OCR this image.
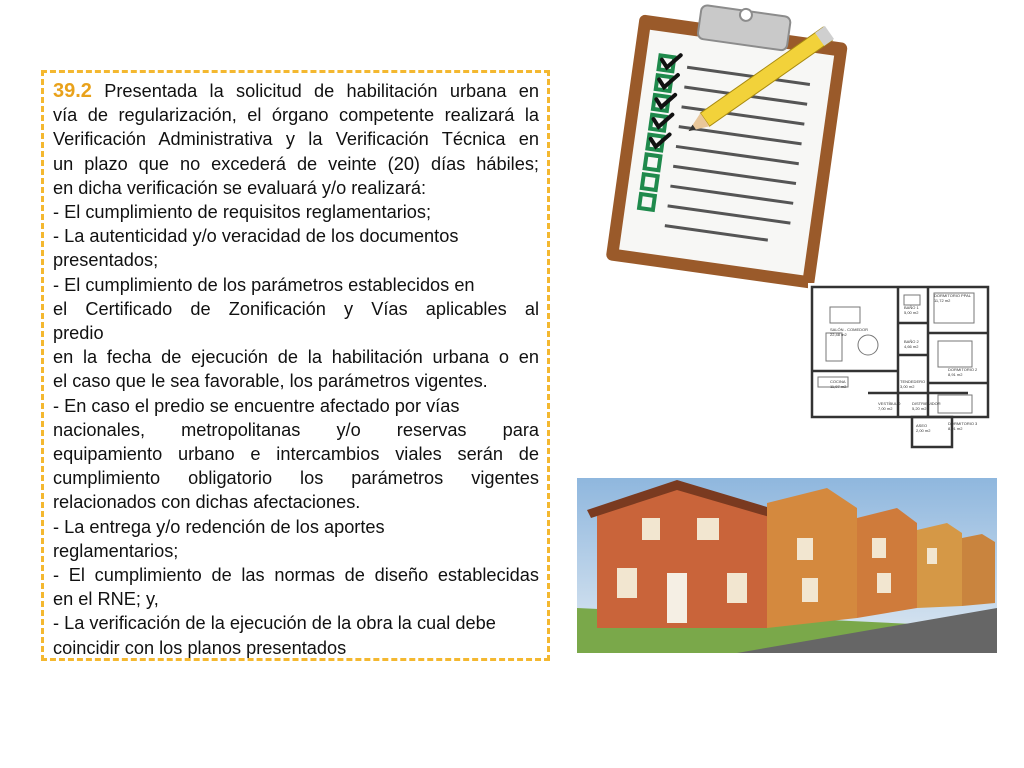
39.2 Presentada la solicitud de habilitación urbana en
vía de regularización, el órgano competente realizará la
Verificación Administrativa y la Verificación Técnica en
un plazo que no excederá de veinte (20) días hábiles;
en dicha verificación se evaluará y/o realizará:
- El cumplimiento de requisitos reglamentarios;
- La autenticidad y/o veracidad de los documentos
presentados;
- El cumplimiento de los parámetros establecidos en
el Certificado de Zonificación y Vías aplicables al
predio
en la fecha de ejecución de la habilitación urbana o en
el caso que le sea favorable, los parámetros vigentes.
- En caso el predio se encuentre afectado por vías
nacionales, metropolitanas y/o reservas para
equipamiento urbano e intercambios viales serán de
cumplimiento obligatorio los parámetros vigentes
relacionados con dichas afectaciones.
- La entrega y/o redención de los aportes
reglamentarios;
- El cumplimiento de las normas de diseño establecidas
en el RNE; y,
- La verificación de la ejecución de la obra la cual debe
coincidir con los planos presentados
SALÓN - COMEDOR
22,48 m2
COCINA
11,97 m2
BAÑO 1
5,00 m2
BAÑO 2
4,66 m2
DORMITORIO PPAL
11,72 m2
DORMITORIO 2
8,91 m2
DORMITORIO 3
8,91 m2
TENDEDERO
3,00 m2
VESTÍBULO
7,00 m2
DISTRIBUIDOR
5,20 m2
ASEO
2,00 m2
